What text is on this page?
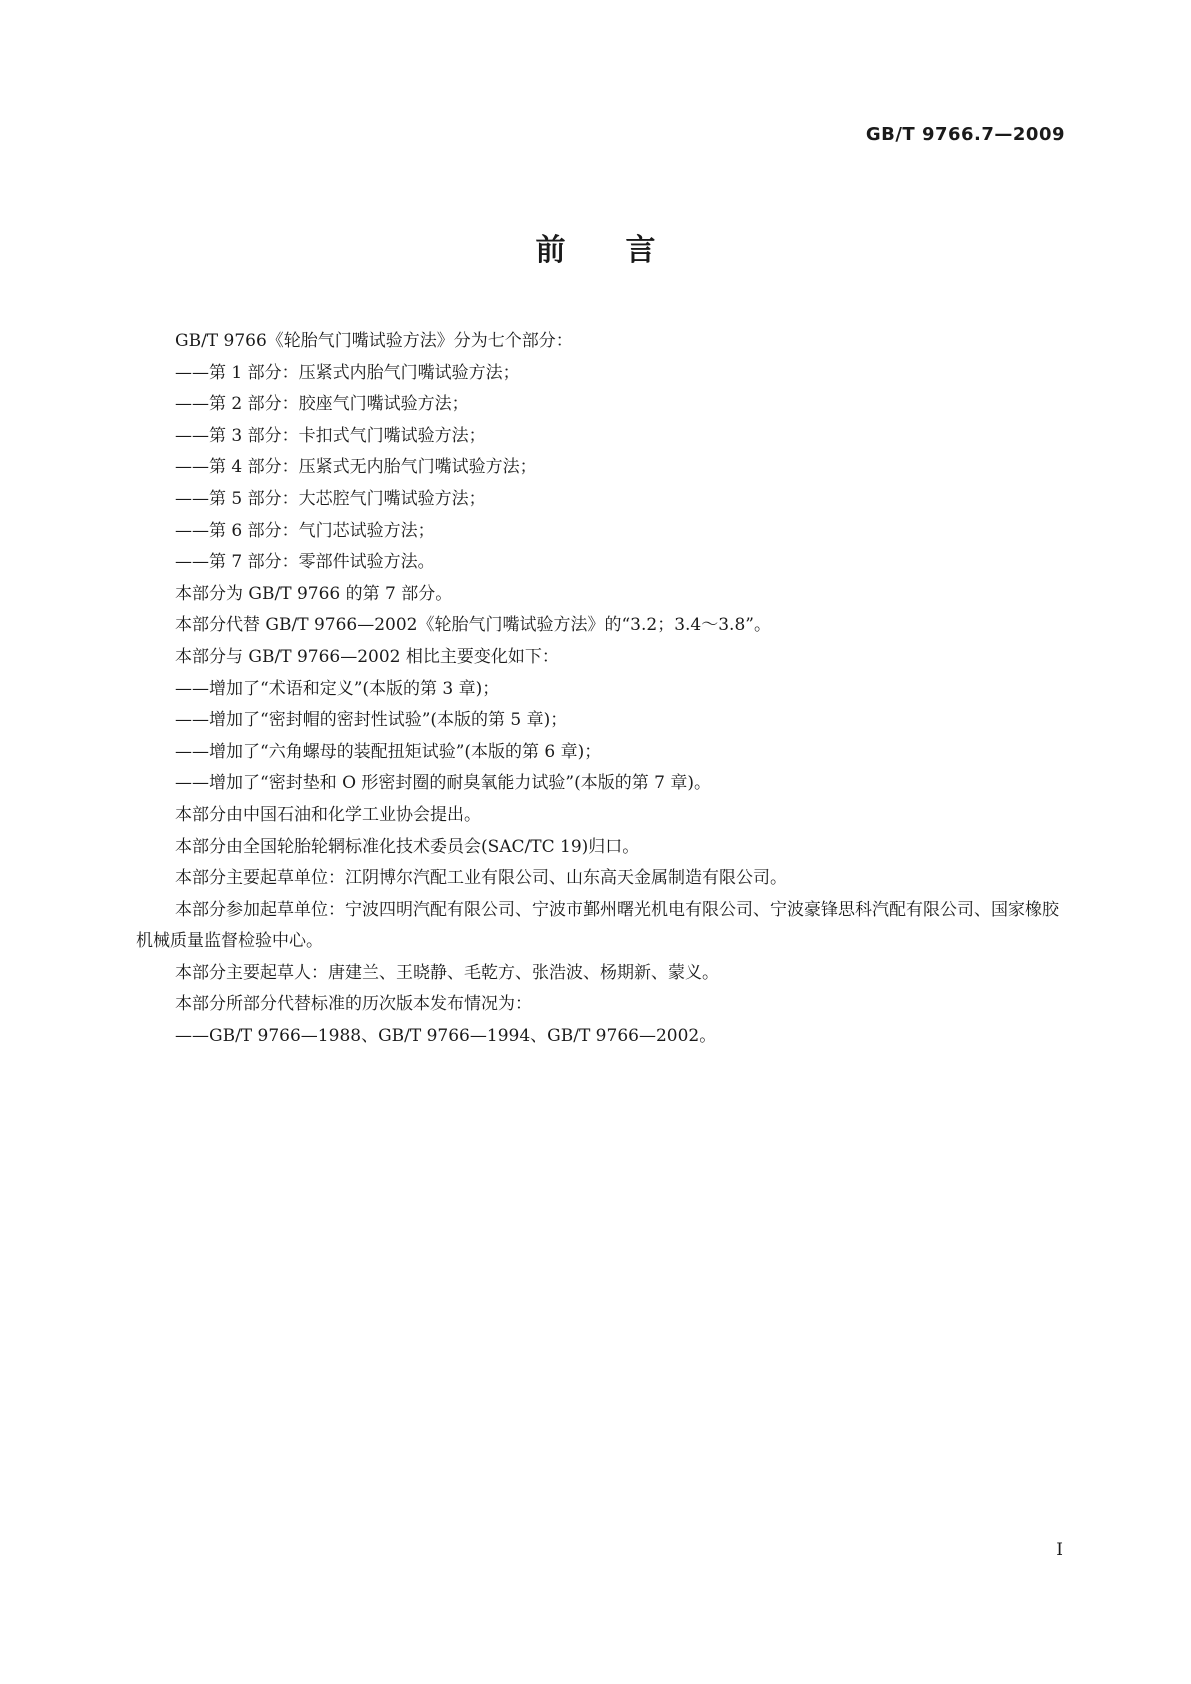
GB/T 9766.7—2009

前言

GB/T 9766《轮胎气门嘴试验方法》分为七个部分：

——第 1 部分：压紧式内胎气门嘴试验方法；

——第 2 部分：胶座气门嘴试验方法；

——第 3 部分：卡扣式气门嘴试验方法；

——第 4 部分：压紧式无内胎气门嘴试验方法；

——第 5 部分：大芯腔气门嘴试验方法；

——第 6 部分：气门芯试验方法；

——第 7 部分：零部件试验方法。

本部分为 GB/T 9766 的第 7 部分。

本部分代替 GB/T 9766—2002《轮胎气门嘴试验方法》的“3.2；3.4～3.8”。

本部分与 GB/T 9766—2002 相比主要变化如下：

——增加了“术语和定义”(本版的第 3 章)；

——增加了“密封帽的密封性试验”(本版的第 5 章)；

——增加了“六角螺母的装配扭矩试验”(本版的第 6 章)；

——增加了“密封垫和 O 形密封圈的耐臭氧能力试验”(本版的第 7 章)。

本部分由中国石油和化学工业协会提出。

本部分由全国轮胎轮辋标准化技术委员会(SAC/TC 19)归口。

本部分主要起草单位：江阴博尔汽配工业有限公司、山东高天金属制造有限公司。

本部分参加起草单位：宁波四明汽配有限公司、宁波市鄞州曙光机电有限公司、宁波豪锋思科汽配有限公司、国家橡胶机械质量监督检验中心。

本部分主要起草人：唐建兰、王晓静、毛乾方、张浩波、杨期新、蒙义。

本部分所部分代替标准的历次版本发布情况为：

——GB/T 9766—1988、GB/T 9766—1994、GB/T 9766—2002。

I
